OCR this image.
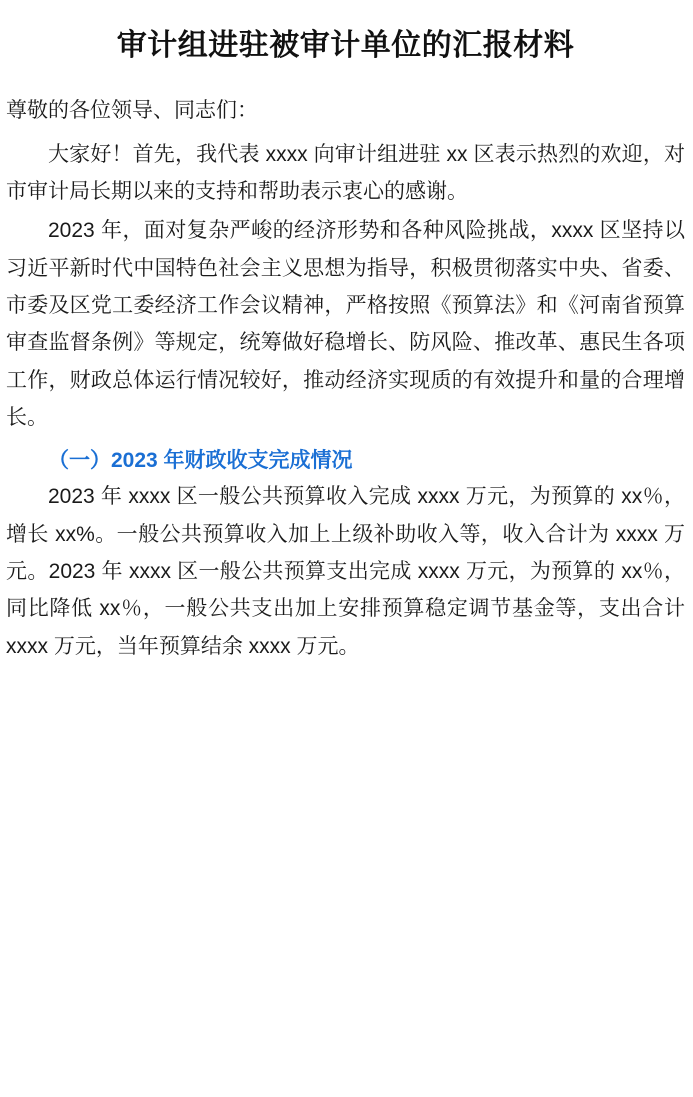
审计组进驻被审计单位的汇报材料

尊敬的各位领导、同志们：

大家好！首先，我代表 xxxx 向审计组进驻 xx 区表示热烈的欢迎，对市审计局长期以来的支持和帮助表示衷心的感谢。

2023 年，面对复杂严峻的经济形势和各种风险挑战，xxxx 区坚持以习近平新时代中国特色社会主义思想为指导，积极贯彻落实中央、省委、市委及区党工委经济工作会议精神，严格按照《预算法》和《河南省预算审查监督条例》等规定，统筹做好稳增长、防风险、推改革、惠民生各项工作，财政总体运行情况较好，推动经济实现质的有效提升和量的合理增长。

（一）2023 年财政收支完成情况

2023 年 xxxx 区一般公共预算收入完成 xxxx 万元，为预算的 xx％，增长 xx%。一般公共预算收入加上上级补助收入等，收入合计为 xxxx 万元。2023 年 xxxx 区一般公共预算支出完成 xxxx 万元，为预算的 xx％，同比降低 xx％，一般公共支出加上安排预算稳定调节基金等，支出合计 xxxx 万元，当年预算结余 xxxx 万元。
